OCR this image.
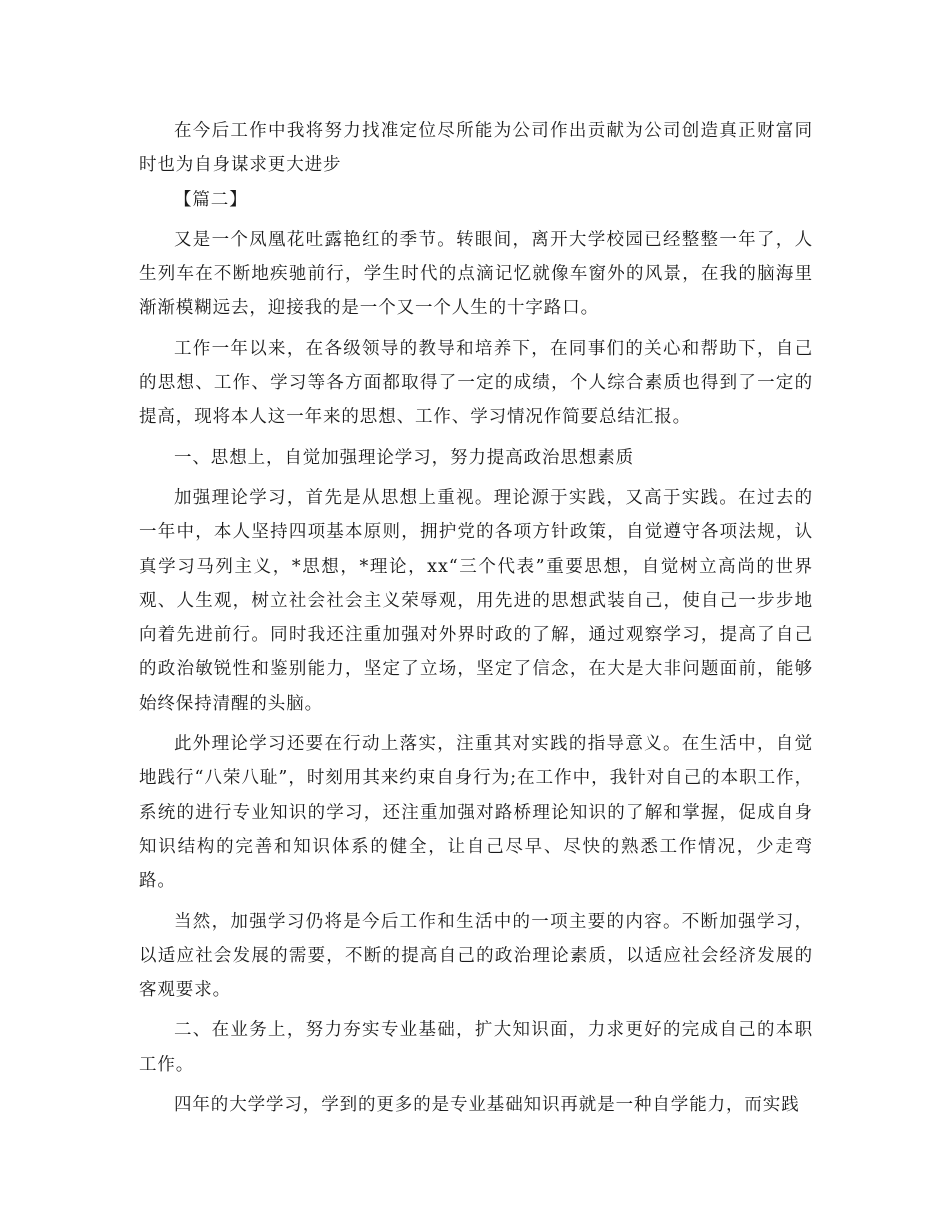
在今后工作中我将努力找准定位尽所能为公司作出贡献为公司创造真正财富同时也为自身谋求更大进步

【篇二】

又是一个凤凰花吐露艳红的季节。转眼间，离开大学校园已经整整一年了，人生列车在不断地疾驰前行，学生时代的点滴记忆就像车窗外的风景，在我的脑海里渐渐模糊远去，迎接我的是一个又一个人生的十字路口。

工作一年以来，在各级领导的教导和培养下，在同事们的关心和帮助下，自己的思想、工作、学习等各方面都取得了一定的成绩，个人综合素质也得到了一定的提高，现将本人这一年来的思想、工作、学习情况作简要总结汇报。

一、思想上，自觉加强理论学习，努力提高政治思想素质

加强理论学习，首先是从思想上重视。理论源于实践，又高于实践。在过去的一年中，本人坚持四项基本原则，拥护党的各项方针政策，自觉遵守各项法规，认真学习马列主义，*思想，*理论，xx“三个代表”重要思想，自觉树立高尚的世界观、人生观，树立社会社会主义荣辱观，用先进的思想武装自己，使自己一步步地向着先进前行。同时我还注重加强对外界时政的了解，通过观察学习，提高了自己的政治敏锐性和鉴别能力，坚定了立场，坚定了信念，在大是大非问题面前，能够始终保持清醒的头脑。

此外理论学习还要在行动上落实，注重其对实践的指导意义。在生活中，自觉地践行“八荣八耻”，时刻用其来约束自身行为;在工作中，我针对自己的本职工作，系统的进行专业知识的学习，还注重加强对路桥理论知识的了解和掌握，促成自身知识结构的完善和知识体系的健全，让自己尽早、尽快的熟悉工作情况，少走弯路。

当然，加强学习仍将是今后工作和生活中的一项主要的内容。不断加强学习，以适应社会发展的需要，不断的提高自己的政治理论素质，以适应社会经济发展的客观要求。

二、在业务上，努力夯实专业基础，扩大知识面，力求更好的完成自己的本职工作。

四年的大学学习，学到的更多的是专业基础知识再就是一种自学能力，而实践
